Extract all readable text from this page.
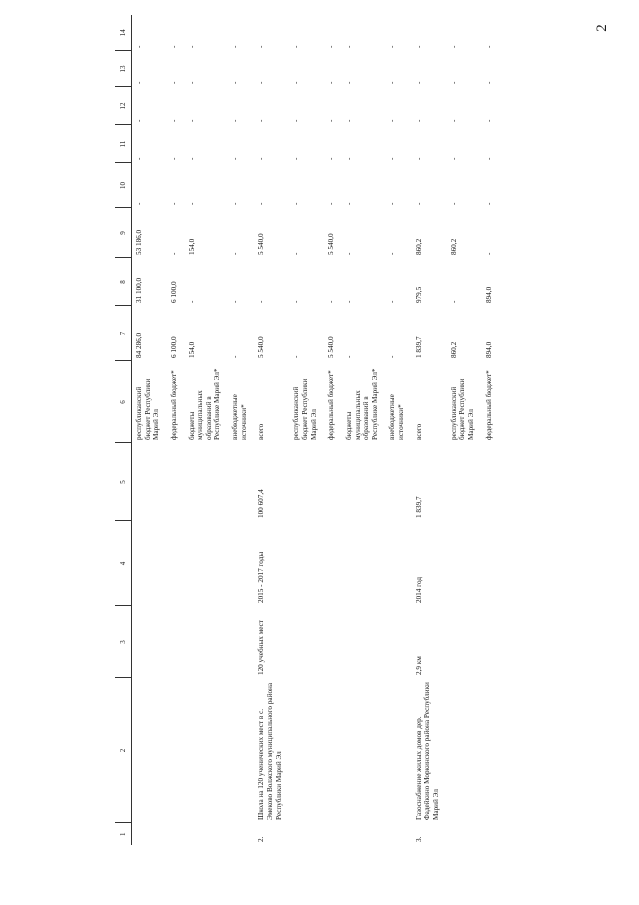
2
1	2	3	4	5	6	7	8	9	10	11	12	13	14
					республиканский бюджет Республики Марий Эл	84 286,0	31 100,0	53 186,0	-	-	-	-	-
					федеральный бюджет*	6 100,0	6 100,0	-	-	-	-	-	-
					бюджеты муниципальных образований в Республике Марий Эл*	154,0	-	154,0	-	-	-	-	-
					внебюджетные источники*	-	-	-	-	-	-	-	-
2.	Школа на 120 ученических мест в с. Эмеково Волжского муниципального района Республики Марий Эл	120 учебных мест	2015 - 2017 годы	100 607,4	всего	5 540,0	-	5 540,0	-	-	-	-	-
					республиканский бюджет Республики Марий Эл	-	-	-	-	-	-	-	-
					федеральный бюджет*	5 540,0	-	5 540,0	-	-	-	-	-
					бюджеты муниципальных образований в Республике Марий Эл*	-	-	-	-	-	-	-	-
					внебюджетные источники*	-	-	-	-	-	-	-	-
3.	Газоснабжение жилых домов дер. Фадейкино Моркинского района Республики Марий Эл	2,9 км	2014 год	1 839,7	всего	1 839,7	979,5	860,2	-	-	-	-	-
					республиканский бюджет Республики Марий Эл	860,2	-	860,2	-	-	-	-	-
					федеральный бюджет*	894,0	894,0	-	-	-	-	-	-
